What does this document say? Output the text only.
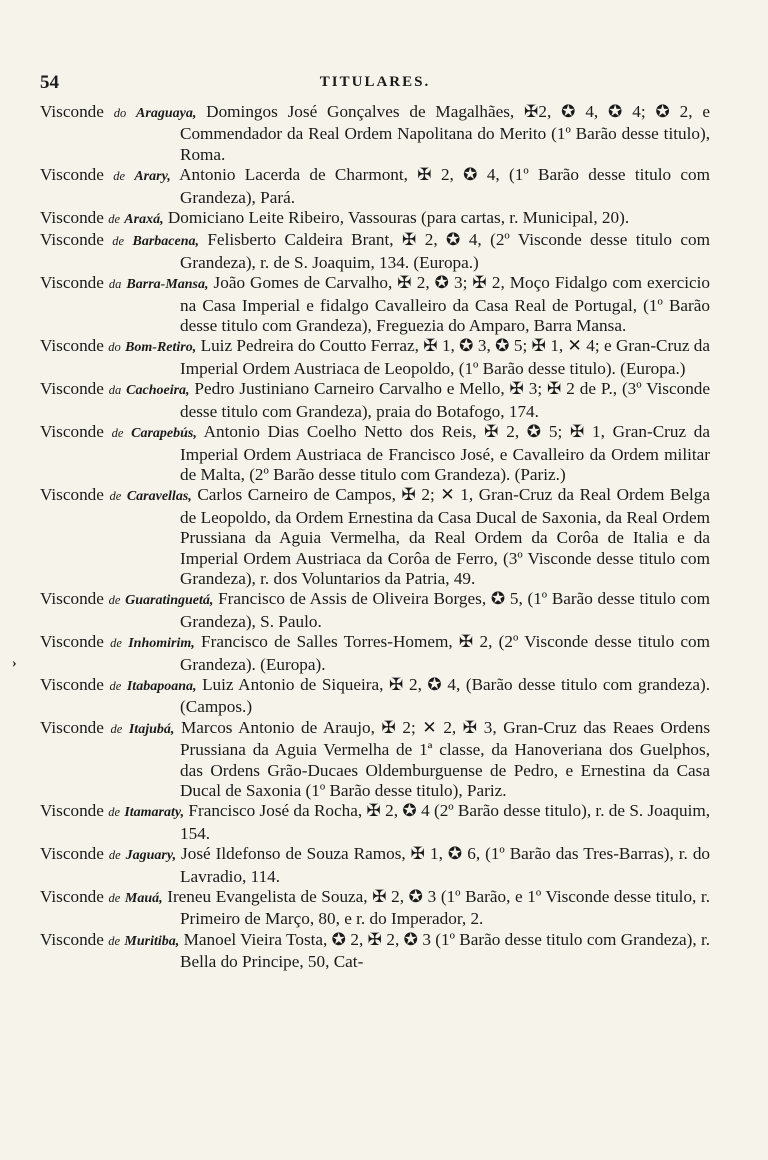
54	TITULARES.
›

Visconde do Araguaya, Domingos José Gonçalves de Magalhães, ✠2, ✪ 4, ✪ 4; ✪ 2, e Commendador da Real Ordem Napolitana do Merito (1º Barão desse titulo), Roma.

Visconde de Arary, Antonio Lacerda de Charmont, ✠ 2, ✪ 4, (1º Barão desse titulo com Grandeza), Pará.

Visconde de Araxá, Domiciano Leite Ribeiro, Vassouras (para cartas, r. Municipal, 20).

Visconde de Barbacena, Felisberto Caldeira Brant, ✠ 2, ✪ 4, (2º Visconde desse titulo com Grandeza), r. de S. Joaquim, 134. (Europa.)

Visconde da Barra-Mansa, João Gomes de Carvalho, ✠ 2, ✪ 3; ✠ 2, Moço Fidalgo com exercicio na Casa Imperial e fidalgo Cavalleiro da Casa Real de Portugal, (1º Barão desse titulo com Grandeza), Freguezia do Amparo, Barra Mansa.

Visconde do Bom-Retiro, Luiz Pedreira do Coutto Ferraz, ✠ 1, ✪ 3, ✪ 5; ✠ 1, ✕ 4; e Gran-Cruz da Imperial Ordem Austriaca de Leopoldo, (1º Barão desse titulo). (Europa.)

Visconde da Cachoeira, Pedro Justiniano Carneiro Carvalho e Mello, ✠ 3; ✠ 2 de P., (3º Visconde desse titulo com Grandeza), praia do Botafogo, 174.

Visconde de Carapebús, Antonio Dias Coelho Netto dos Reis, ✠ 2, ✪ 5; ✠ 1, Gran-Cruz da Imperial Ordem Austriaca de Francisco José, e Cavalleiro da Ordem militar de Malta, (2º Barão desse titulo com Grandeza). (Pariz.)

Visconde de Caravellas, Carlos Carneiro de Campos, ✠ 2; ✕ 1, Gran-Cruz da Real Ordem Belga de Leopoldo, da Ordem Ernestina da Casa Ducal de Saxonia, da Real Ordem Prussiana da Aguia Vermelha, da Real Ordem da Corôa de Italia e da Imperial Ordem Austriaca da Corôa de Ferro, (3º Visconde desse titulo com Grandeza), r. dos Voluntarios da Patria, 49.

Visconde de Guaratinguetá, Francisco de Assis de Oliveira Borges, ✪ 5, (1º Barão desse titulo com Grandeza), S. Paulo.

Visconde de Inhomirim, Francisco de Salles Torres-Homem, ✠ 2, (2º Visconde desse titulo com Grandeza). (Europa).

Visconde de Itabapoana, Luiz Antonio de Siqueira, ✠ 2, ✪ 4, (Barão desse titulo com grandeza). (Campos.)

Visconde de Itajubá, Marcos Antonio de Araujo, ✠ 2; ✕ 2, ✠ 3, Gran-Cruz das Reaes Ordens Prussiana da Aguia Vermelha de 1ª classe, da Hanoveriana dos Guelphos, das Ordens Grão-Ducaes Oldemburguense de Pedro, e Ernestina da Casa Ducal de Saxonia (1º Barão desse titulo), Pariz.

Visconde de Itamaraty, Francisco José da Rocha, ✠ 2, ✪ 4 (2º Barão desse titulo), r. de S. Joaquim, 154.

Visconde de Jaguary, José Ildefonso de Souza Ramos, ✠ 1, ✪ 6, (1º Barão das Tres-Barras), r. do Lavradio, 114.

Visconde de Mauá, Ireneu Evangelista de Souza, ✠ 2, ✪ 3 (1º Barão, e 1º Visconde desse titulo, r. Primeiro de Março, 80, e r. do Imperador, 2.

Visconde de Muritiba, Manoel Vieira Tosta, ✪ 2, ✠ 2, ✪ 3 (1º Barão desse titulo com Grandeza), r. Bella do Principe, 50, Cat-
